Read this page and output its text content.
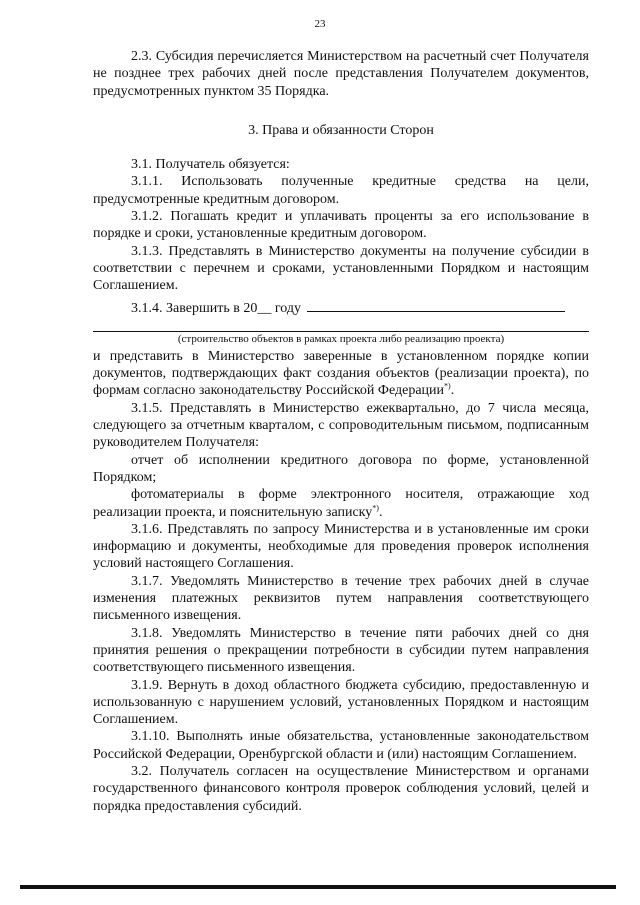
23

2.3. Субсидия перечисляется Министерством на расчетный счет Получателя не позднее трех рабочих дней после представления Получателем документов, предусмотренных пунктом 35 Порядка.

3. Права и обязанности Сторон

3.1. Получатель обязуется:

3.1.1. Использовать полученные кредитные средства на цели, предусмотренные кредитным договором.

3.1.2. Погашать кредит и уплачивать проценты за его использование в порядке и сроки, установленные кредитным договором.

3.1.3. Представлять в Министерство документы на получение субсидии в соответствии с перечнем и сроками, установленными Порядком и настоящим Соглашением.

3.1.4. Завершить в 20__ году

(строительство объектов в рамках проекта либо реализацию проекта)

и представить в Министерство заверенные в установленном порядке копии документов, подтверждающих факт создания объектов (реализации проекта), по формам согласно законодательству Российской Федерации*).

3.1.5. Представлять в Министерство ежеквартально, до 7 числа месяца, следующего за отчетным кварталом, с сопроводительным письмом, подписанным руководителем Получателя:

отчет об исполнении кредитного договора по форме, установленной Порядком;

фотоматериалы в форме электронного носителя, отражающие ход реализации проекта, и пояснительную записку*).

3.1.6. Представлять по запросу Министерства и в установленные им сроки информацию и документы, необходимые для проведения проверок исполнения условий настоящего Соглашения.

3.1.7. Уведомлять Министерство в течение трех рабочих дней в случае изменения платежных реквизитов путем направления соответствующего письменного извещения.

3.1.8. Уведомлять Министерство в течение пяти рабочих дней со дня принятия решения о прекращении потребности в субсидии путем направления соответствующего письменного извещения.

3.1.9. Вернуть в доход областного бюджета субсидию, предоставленную и использованную с нарушением условий, установленных Порядком и настоящим Соглашением.

3.1.10. Выполнять иные обязательства, установленные законодательством Российской Федерации, Оренбургской области и (или) настоящим Соглашением.

3.2. Получатель согласен на осуществление Министерством и органами государственного финансового контроля проверок соблюдения условий, целей и порядка предоставления субсидий.
